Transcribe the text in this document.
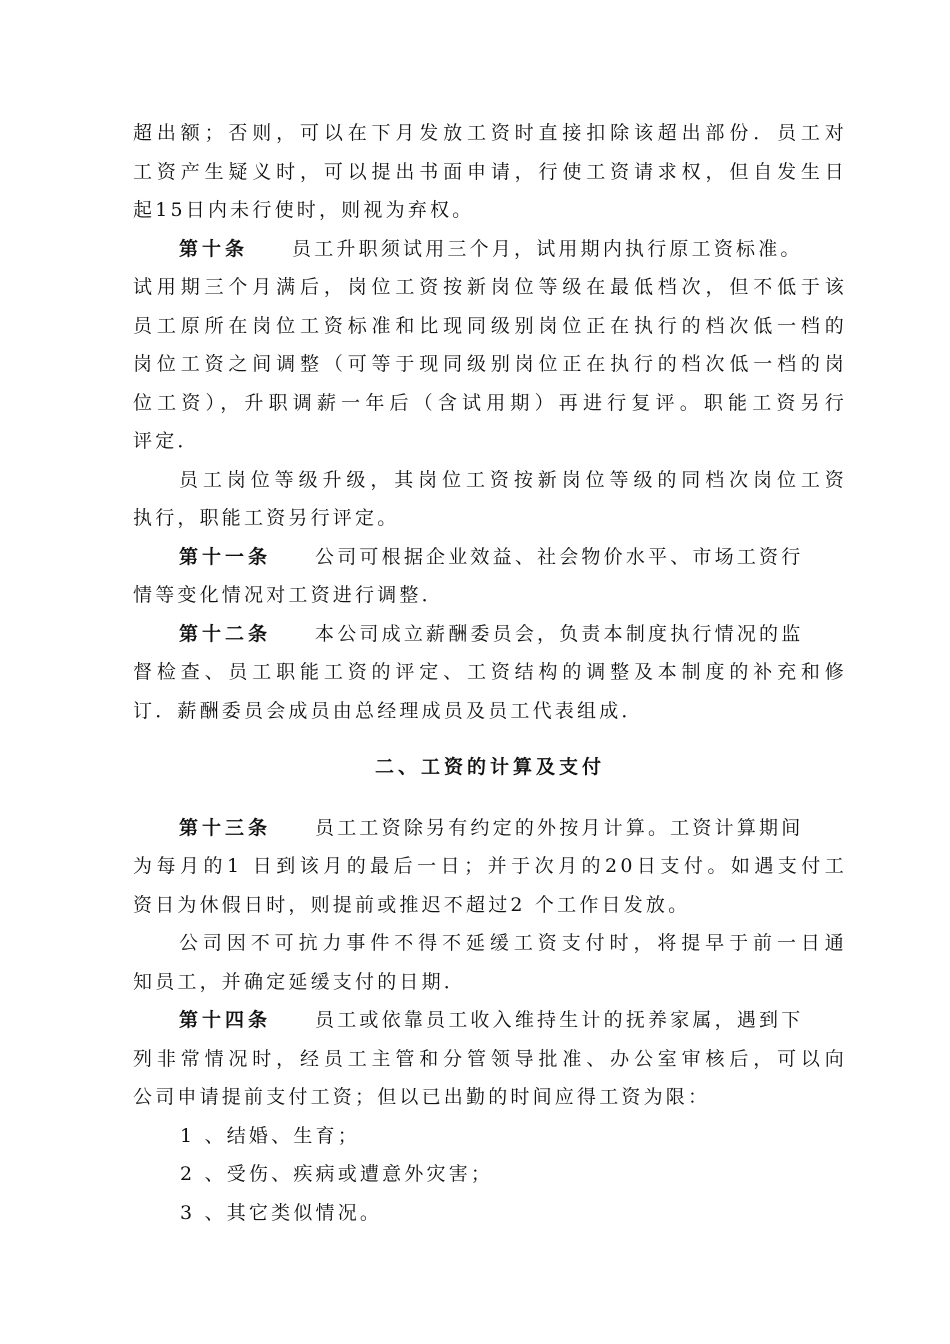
超出额；否则，可以在下月发放工资时直接扣除该超出部份．员工对
工资产生疑义时，可以提出书面申请，行使工资请求权，但自发生日
起15日内未行使时，则视为弃权。
第十条 员工升职须试用三个月，试用期内执行原工资标准。
试用期三个月满后，岗位工资按新岗位等级在最低档次，但不低于该
员工原所在岗位工资标准和比现同级别岗位正在执行的档次低一档的
岗位工资之间调整（可等于现同级别岗位正在执行的档次低一档的岗
位工资），升职调薪一年后（含试用期）再进行复评。职能工资另行
评定．
员工岗位等级升级，其岗位工资按新岗位等级的同档次岗位工资
执行，职能工资另行评定。
第十一条 公司可根据企业效益、社会物价水平、市场工资行
情等变化情况对工资进行调整．
第十二条 本公司成立薪酬委员会，负责本制度执行情况的监
督检查、员工职能工资的评定、工资结构的调整及本制度的补充和修
订．薪酬委员会成员由总经理成员及员工代表组成．
二、工资的计算及支付
第十三条 员工工资除另有约定的外按月计算。工资计算期间
为每月的1 日到该月的最后一日；并于次月的20日支付。如遇支付工
资日为休假日时，则提前或推迟不超过2 个工作日发放。
公司因不可抗力事件不得不延缓工资支付时，将提早于前一日通
知员工，并确定延缓支付的日期．
第十四条 员工或依靠员工收入维持生计的抚养家属，遇到下
列非常情况时，经员工主管和分管领导批准、办公室审核后，可以向
公司申请提前支付工资；但以已出勤的时间应得工资为限：
1 、结婚、生育；
2 、受伤、疾病或遭意外灾害；
3 、其它类似情况。
